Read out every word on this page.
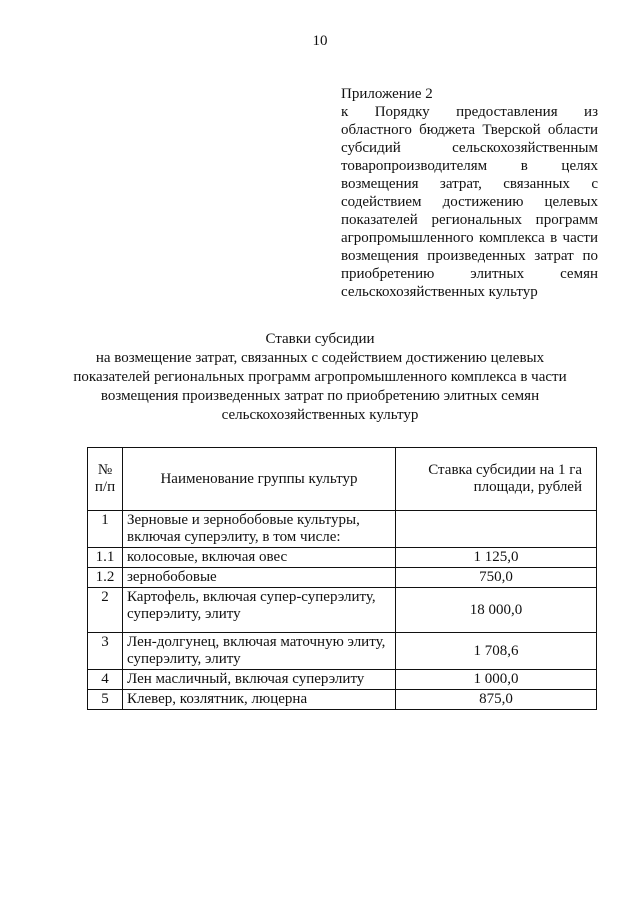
10
Приложение 2
к Порядку предоставления из областного бюджета Тверской области субсидий сельскохозяйственным товаропроизводителям в целях возмещения затрат, связанных с содействием достижению целевых показателей региональных программ агропромышленного комплекса в части возмещения произведенных затрат по приобретению элитных семян сельскохозяйственных культур
Ставки субсидии
на возмещение затрат, связанных с содействием достижению целевых показателей региональных программ агропромышленного комплекса в части возмещения произведенных затрат по приобретению элитных семян сельскохозяйственных культур
№ п/п	Наименование группы культур	Ставка субсидии на 1 га площади, рублей
1	Зерновые и зернобобовые культуры, включая суперэлиту, в том числе:	
1.1	колосовые, включая овес	1 125,0
1.2	зернобобовые	750,0
2	Картофель, включая супер-суперэлиту, суперэлиту, элиту	18 000,0
3	Лен-долгунец, включая маточную элиту, суперэлиту, элиту	1 708,6
4	Лен масличный, включая суперэлиту	1 000,0
5	Клевер, козлятник, люцерна	875,0
